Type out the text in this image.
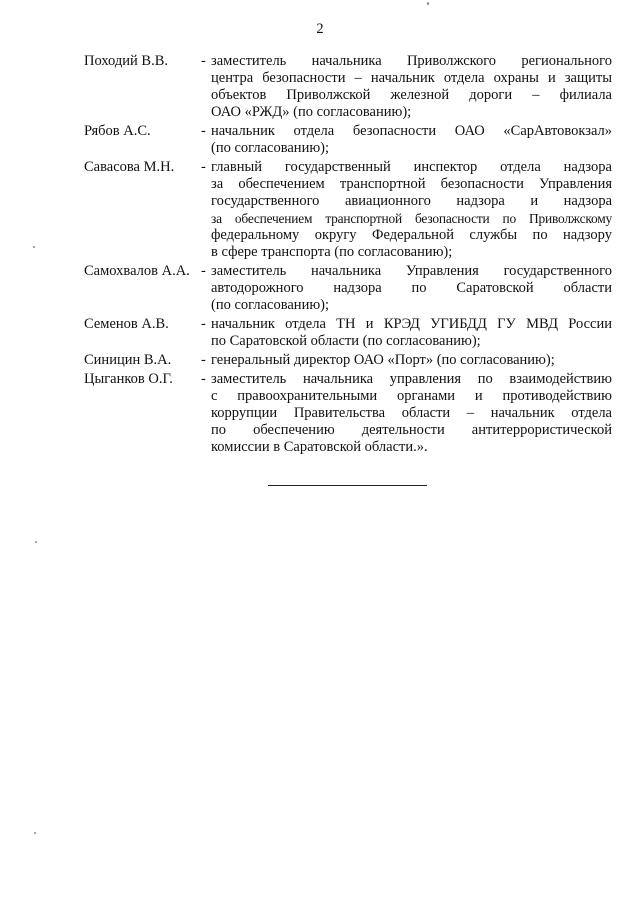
2
Походий В.В.	- заместитель начальника Приволжского регионального
центра безопасности – начальник отдела охраны и защиты
объектов Приволжской железной дороги – филиала
ОАО «РЖД» (по согласованию);
Рябов А.С.	- начальник отдела безопасности ОАО «СарАвтовокзал»
(по согласованию);
Савасова М.Н.	- главный государственный инспектор отдела надзора
за обеспечением транспортной безопасности Управления
государственного авиационного надзора и надзора
за обеспечением транспортной безопасности по Приволжскому
федеральному округу Федеральной службы по надзору
в сфере транспорта (по согласованию);
Самохвалов А.А. - заместитель начальника Управления государственного
автодорожного надзора по Саратовской области
(по согласованию);
Семенов А.В.	- начальник отдела ТН и КРЭД УГИБДД ГУ МВД России
по Саратовской области (по согласованию);
Синицин В.А.	- генеральный директор ОАО «Порт» (по согласованию);
Цыганков О.Г.	- заместитель начальника управления по взаимодействию
с правоохранительными органами и противодействию
коррупции Правительства области – начальник отдела
по обеспечению деятельности антитеррористической
комиссии в Саратовской области.».
